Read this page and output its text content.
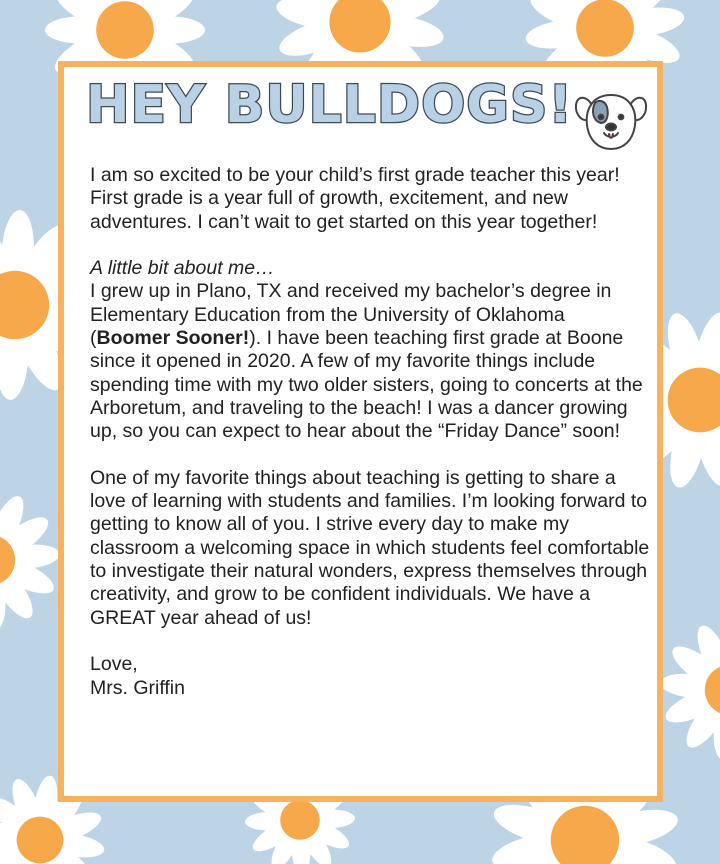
HEY BULLDOGS!

I am so excited to be your child’s first grade teacher this year! First grade is a year full of growth, excitement, and new adventures. I can’t wait to get started on this year together!

A little bit about me…

I grew up in Plano, TX and received my bachelor’s degree in Elementary Education from the University of Oklahoma (Boomer Sooner!). I have been teaching first grade at Boone since it opened in 2020. A few of my favorite things include spending time with my two older sisters, going to concerts at the Arboretum, and traveling to the beach! I was a dancer growing up, so you can expect to hear about the “Friday Dance” soon!

One of my favorite things about teaching is getting to share a love of learning with students and families. I’m looking forward to getting to know all of you. I strive every day to make my classroom a welcoming space in which students feel comfortable to investigate their natural wonders, express themselves through creativity, and grow to be confident individuals. We have a GREAT year ahead of us!

Love,

Mrs. Griffin
